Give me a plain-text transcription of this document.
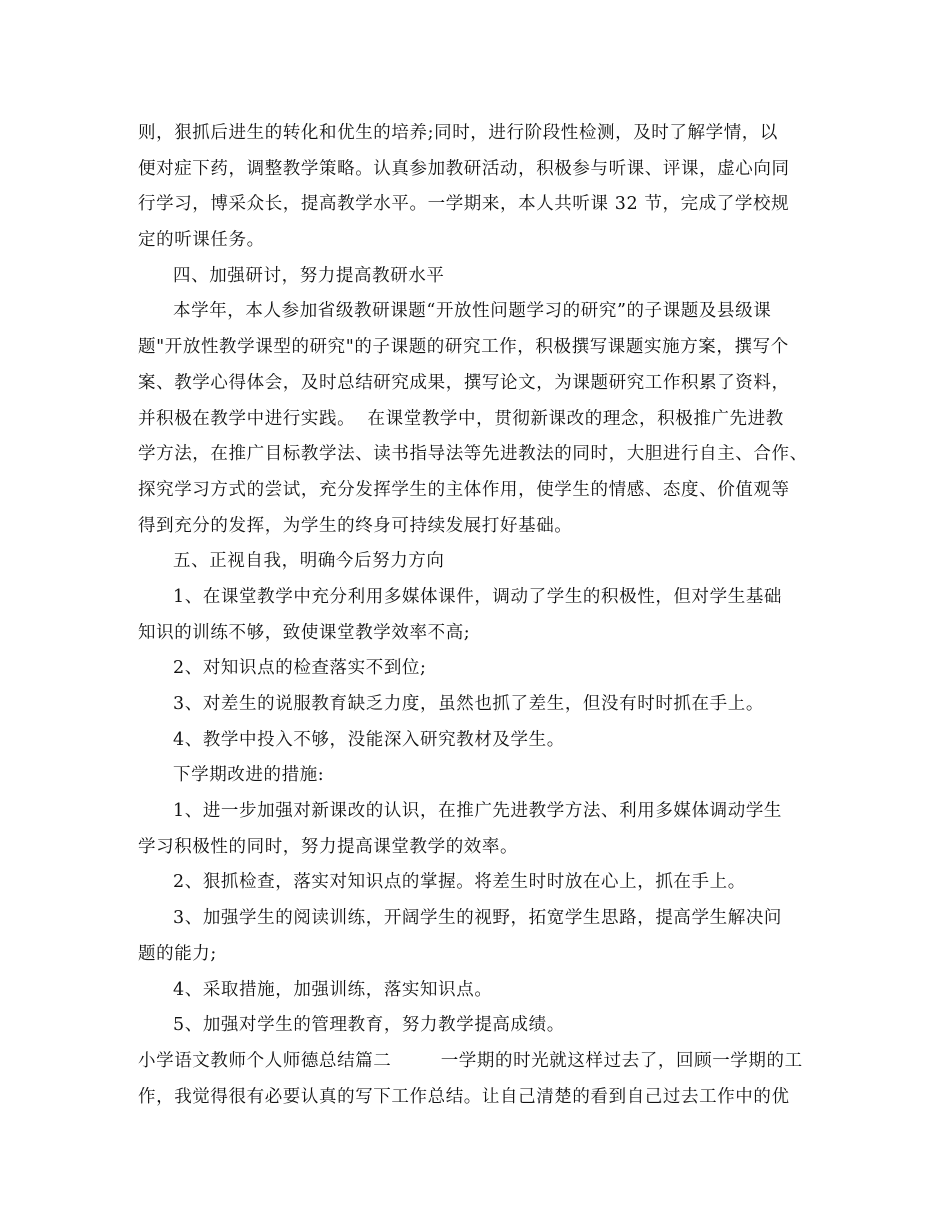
则，狠抓后进生的转化和优生的培养;同时，进行阶段性检测，及时了解学情，以
便对症下药，调整教学策略。认真参加教研活动，积极参与听课、评课，虚心向同
行学习，博采众长，提高教学水平。一学期来，本人共听课 32 节，完成了学校规
定的听课任务。
四、加强研讨，努力提高教研水平
本学年，本人参加省级教研课题“开放性问题学习的研究”的子课题及县级课
题"开放性教学课型的研究"的子课题的研究工作，积极撰写课题实施方案，撰写个
案、教学心得体会，及时总结研究成果，撰写论文，为课题研究工作积累了资料，
并积极在教学中进行实践。  在课堂教学中，贯彻新课改的理念，积极推广先进教
学方法，在推广目标教学法、读书指导法等先进教法的同时，大胆进行自主、合作、
探究学习方式的尝试，充分发挥学生的主体作用，使学生的情感、态度、价值观等
得到充分的发挥，为学生的终身可持续发展打好基础。
五、正视自我，明确今后努力方向
1、在课堂教学中充分利用多媒体课件，调动了学生的积极性，但对学生基础
知识的训练不够，致使课堂教学效率不高;
2、对知识点的检查落实不到位;
3、对差生的说服教育缺乏力度，虽然也抓了差生，但没有时时抓在手上。
4、教学中投入不够，没能深入研究教材及学生。
下学期改进的措施:
1、进一步加强对新课改的认识，在推广先进教学方法、利用多媒体调动学生
学习积极性的同时，努力提高课堂教学的效率。
2、狠抓检查，落实对知识点的掌握。将差生时时放在心上，抓在手上。
3、加强学生的阅读训练，开阔学生的视野，拓宽学生思路，提高学生解决问
题的能力;
4、采取措施，加强训练，落实知识点。
5、加强对学生的管理教育，努力教学提高成绩。
小学语文教师个人师德总结篇二        一学期的时光就这样过去了，回顾一学期的工
作，我觉得很有必要认真的写下工作总结。让自己清楚的看到自己过去工作中的优
